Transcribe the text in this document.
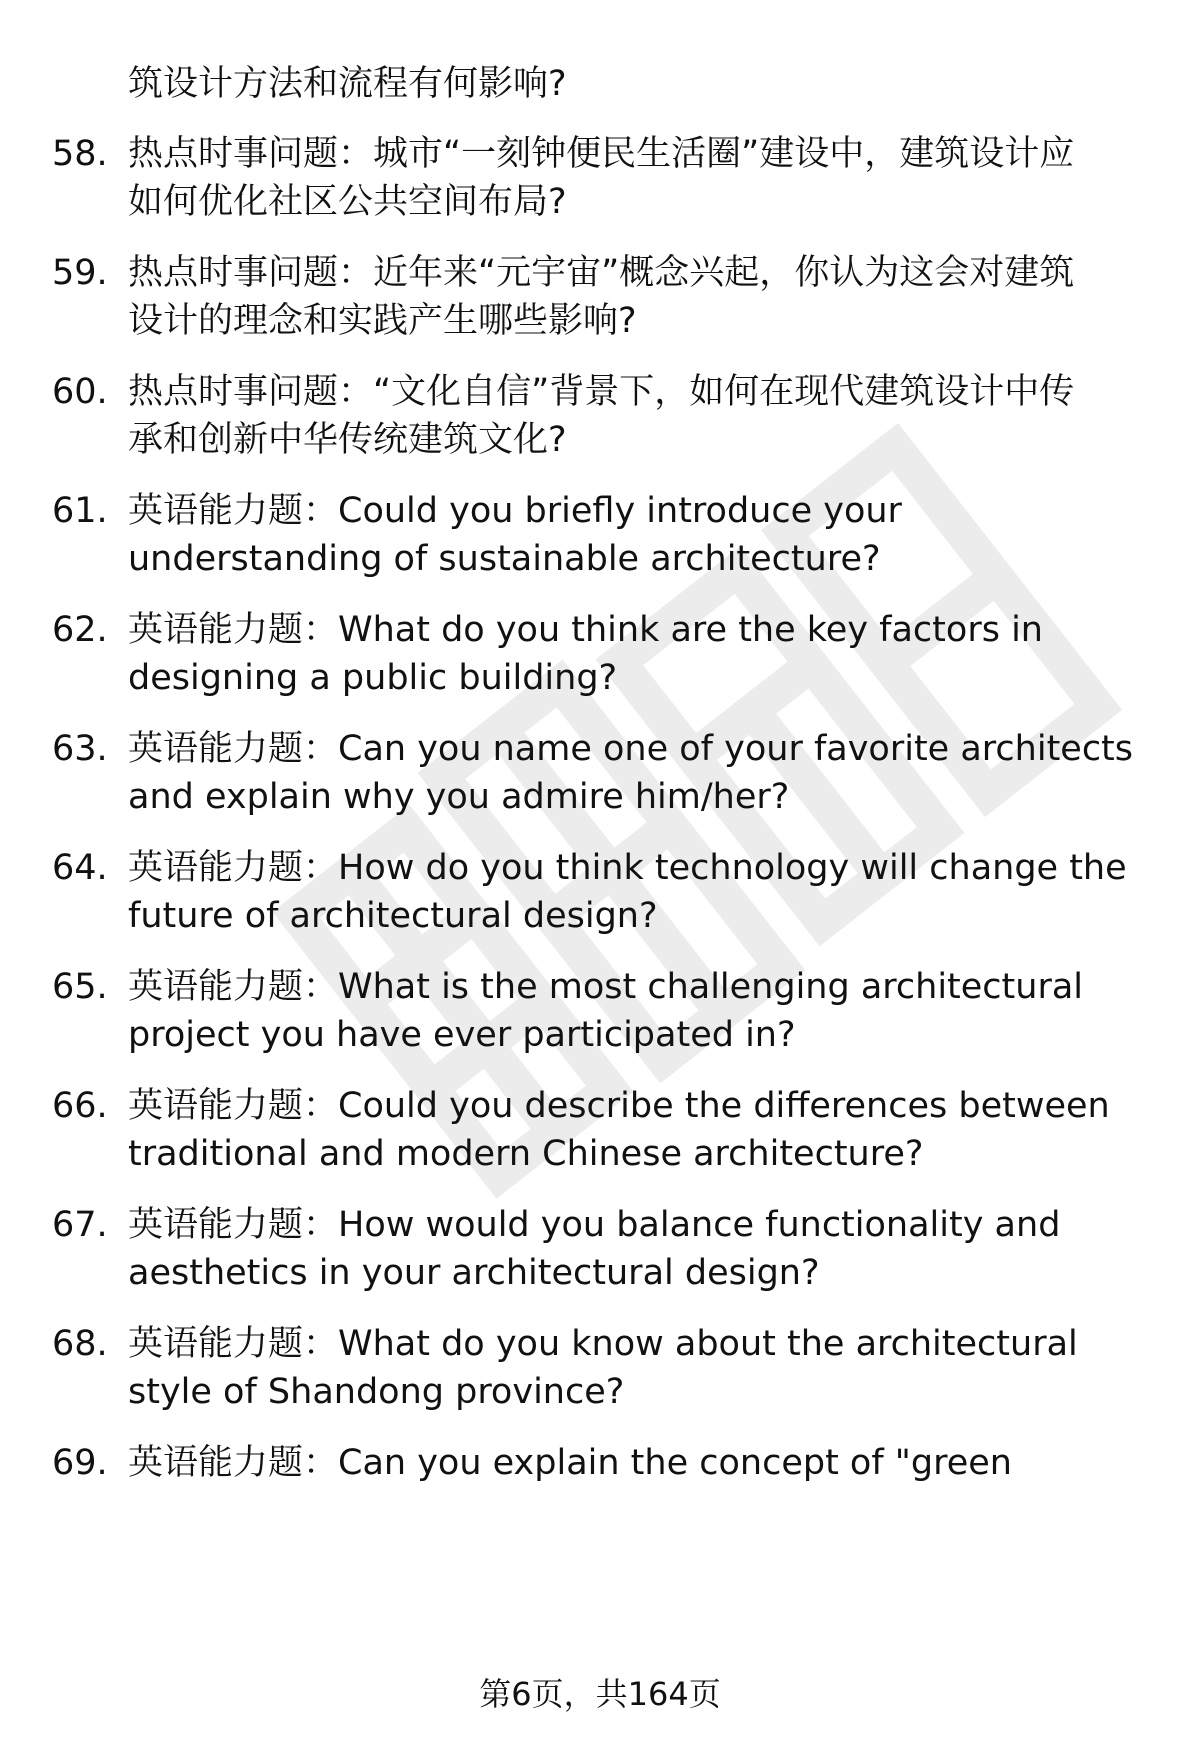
筑设计方法和流程有何影响?
58. 热点时事问题：城市“一刻钟便民生活圈”建设中，建筑设计应
如何优化社区公共空间布局?
59. 热点时事问题：近年来“元宇宙”概念兴起，你认为这会对建筑
设计的理念和实践产生哪些影响?
60. 热点时事问题：“文化自信”背景下，如何在现代建筑设计中传
承和创新中华传统建筑文化?
61. 英语能力题：Could you briefly introduce your
understanding of sustainable architecture?
62. 英语能力题：What do you think are the key factors in
designing a public building?
63. 英语能力题：Can you name one of your favorite architects
and explain why you admire him/her?
64. 英语能力题：How do you think technology will change the
future of architectural design?
65. 英语能力题：What is the most challenging architectural
project you have ever participated in?
66. 英语能力题：Could you describe the differences between
traditional and modern Chinese architecture?
67. 英语能力题：How would you balance functionality and
aesthetics in your architectural design?
68. 英语能力题：What do you know about the architectural
style of Shandong province?
69. 英语能力题：Can you explain the concept of "green
第6页，共164页
